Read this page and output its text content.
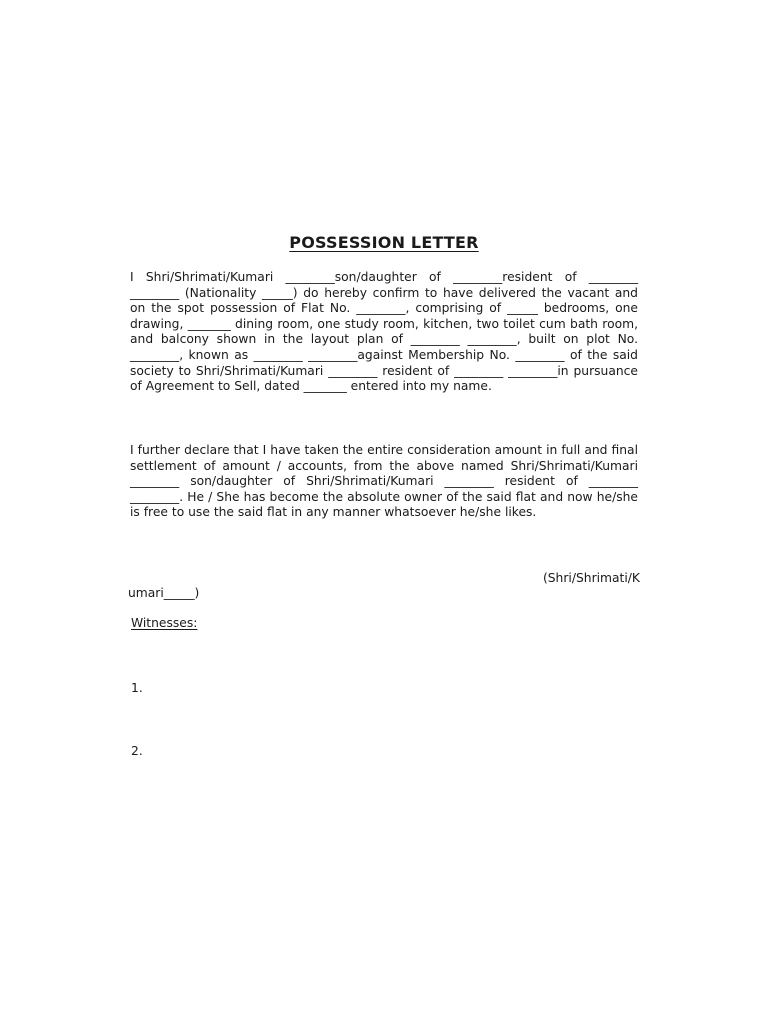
POSSESSION LETTER

I Shri/Shrimati/Kumari ________son/daughter of ________resident of ________ ________ (Nationality _____) do hereby confirm to have delivered the vacant and on the spot possession of Flat No. ________, comprising of _____ bedrooms, one drawing, _______ dining room, one study room, kitchen, two toilet cum bath room, and balcony shown in the layout plan of ________ ________, built on plot No. ________, known as ________ ________against Membership No. ________ of the said society to Shri/Shrimati/Kumari ________ resident of ________ ________in pursuance of Agreement to Sell, dated _______ entered into my name.

I further declare that I have taken the entire consideration amount in full and final settlement of amount / accounts, from the above named Shri/Shrimati/Kumari ________ son/daughter of Shri/Shrimati/Kumari ________ resident of ________ ________. He / She has become the absolute owner of the said flat and now he/she is free to use the said flat in any manner whatsoever he/she likes.

(Shri/Shrimati/K

umari_____)

Witnesses:

1.

2.
